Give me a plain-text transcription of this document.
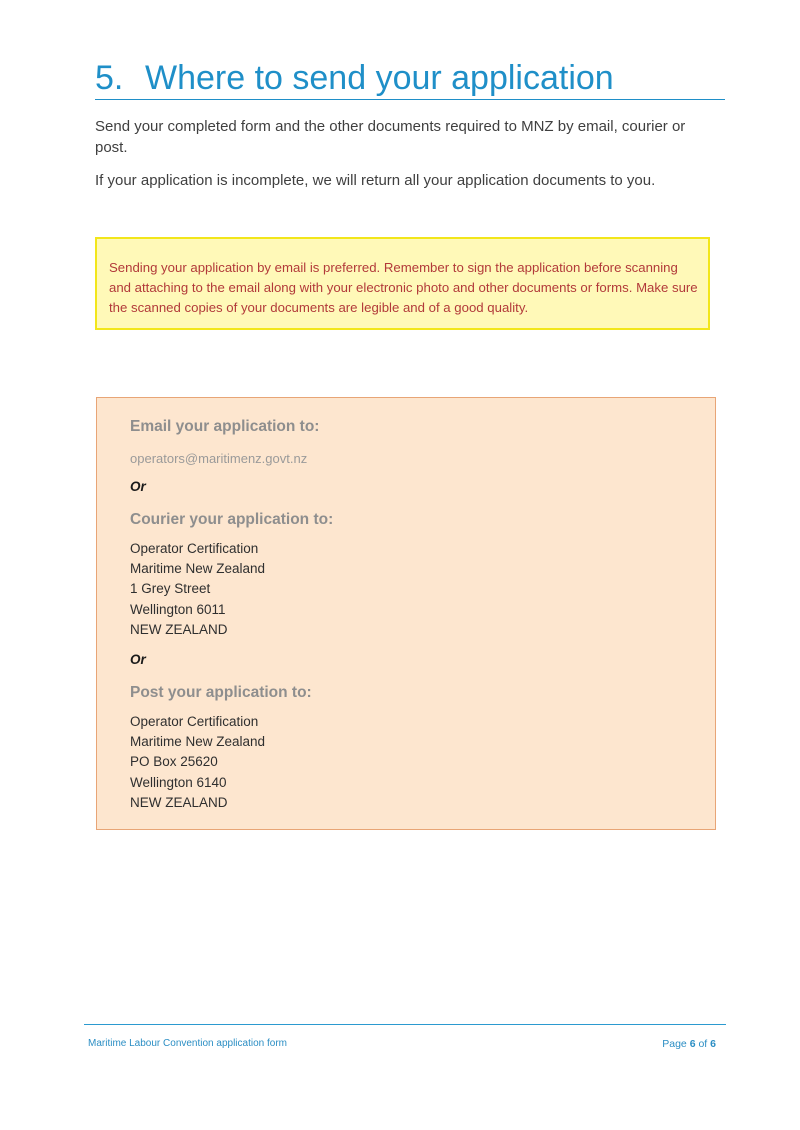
5. Where to send your application

Send your completed form and the other documents required to MNZ by email, courier or post.

If your application is incomplete, we will return all your application documents to you.

Sending your application by email is preferred. Remember to sign the application before scanning and attaching to the email along with your electronic photo and other documents or forms. Make sure the scanned copies of your documents are legible and of a good quality.

Email your application to:
operators@maritimenz.govt.nz
Or
Courier your application to:
Operator Certification
Maritime New Zealand
1 Grey Street
Wellington 6011
NEW ZEALAND
Or
Post your application to:
Operator Certification
Maritime New Zealand
PO Box 25620
Wellington 6140
NEW ZEALAND
Maritime Labour Convention application form	Page 6 of 6
